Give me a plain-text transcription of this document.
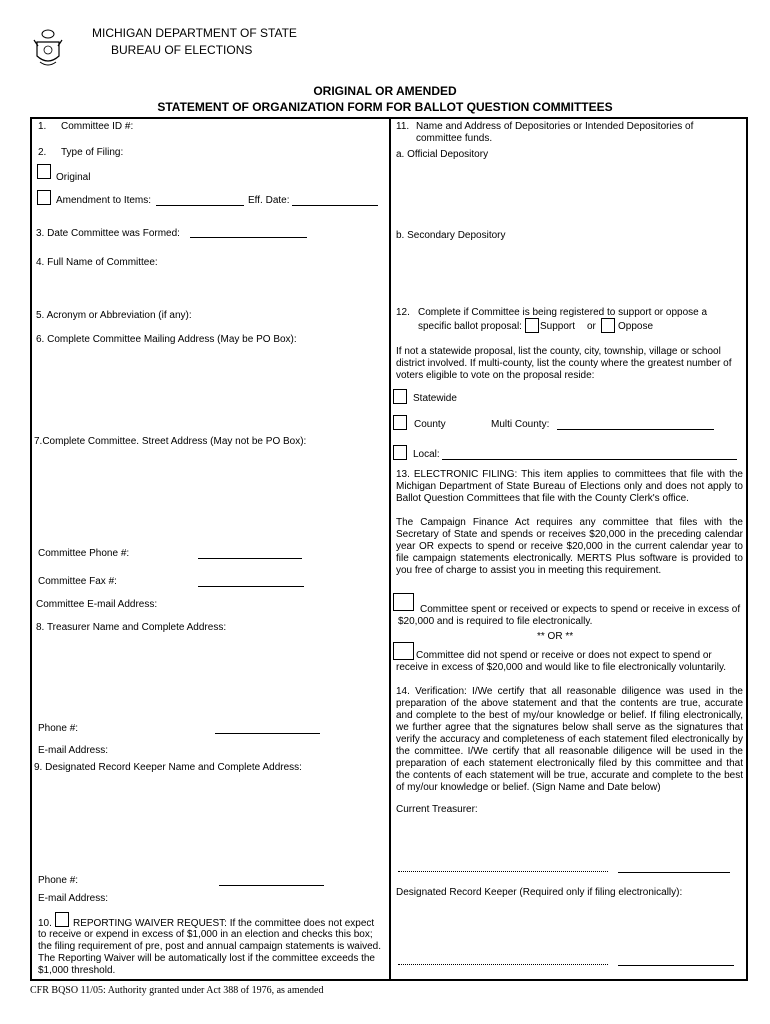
MICHIGAN DEPARTMENT OF STATE
BUREAU OF ELECTIONS
ORIGINAL OR AMENDED
STATEMENT OF ORGANIZATION FORM FOR BALLOT QUESTION COMMITTEES
1. Committee ID #:
2. Type of Filing:
Original
Amendment to Items:	Eff. Date:
3. Date Committee was Formed:
4. Full Name of Committee:
5. Acronym or Abbreviation (if any):
6. Complete Committee Mailing Address (May be PO Box):
7.Complete Committee. Street Address (May not be PO Box):
Committee Phone #:
Committee Fax #:
Committee E-mail Address:
8. Treasurer Name and Complete Address:
Phone #:
E-mail Address:
9. Designated Record Keeper Name and Complete Address:
Phone #:
E-mail Address:
10. REPORTING WAIVER REQUEST: If the committee does not expect
to receive or expend in excess of $1,000 in an election and checks this box; the filing requirement of pre, post and annual campaign statements is waived. The Reporting Waiver will be automatically lost if the committee exceeds the $1,000 threshold.
11. Name and Address of Depositories or Intended Depositories of committee funds.
a. Official Depository
b. Secondary Depository
12. Complete if Committee is being registered to support or oppose a
specific ballot proposal: Support or Oppose
If not a statewide proposal, list the county, city, township, village or school district involved. If multi-county, list the county where the greatest number of voters eligible to vote on the proposal reside:
Statewide
County	Multi County:
Local:
13. ELECTRONIC FILING: This item applies to committees that file with the Michigan Department of State Bureau of Elections only and does not apply to Ballot Question Committees that file with the County Clerk's office.
The Campaign Finance Act requires any committee that files with the Secretary of State and spends or receives $20,000 in the preceding calendar year OR expects to spend or receive $20,000 in the current calendar year to file campaign statements electronically. MERTS Plus software is provided to you free of charge to assist you in meeting this requirement.
Committee spent or received or expects to spend or receive in excess of
$20,000 and is required to file electronically.
** OR **
Committee did not spend or receive or does not expect to spend or
receive in excess of $20,000 and would like to file electronically voluntarily.
14. Verification: I/We certify that all reasonable diligence was used in the preparation of the above statement and that the contents are true, accurate and complete to the best of my/our knowledge or belief. If filing electronically, we further agree that the signatures below shall serve as the signatures that verify the accuracy and completeness of each statement filed electronically by the committee. I/We certify that all reasonable diligence will be used in the preparation of each statement electronically filed by this committee and that the contents of each statement will be true, accurate and complete to the best of my/our knowledge or belief. (Sign Name and Date below)
Current Treasurer:
Designated Record Keeper (Required only if filing electronically):
CFR BQSO 11/05: Authority granted under Act 388 of 1976, as amended
